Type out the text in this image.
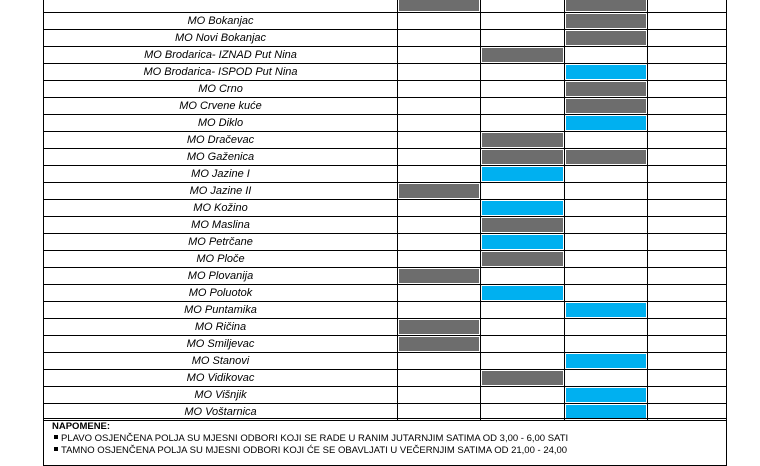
MO Bokanjac
MO Novi Bokanjac
MO Brodarica- IZNAD Put Nina
MO Brodarica- ISPOD Put Nina
MO Crno
MO Crvene kuće
MO Diklo
MO Dračevac
MO Gaženica
MO Jazine I
MO Jazine II
MO Kožino
MO Maslina
MO Petrčane
MO Ploče
MO Plovanija
MO Poluotok
MO Puntamika
MO Ričina
MO Smiljevac
MO Stanovi
MO Vidikovac
MO Višnjik
MO Voštarnica
NAPOMENE:
PLAVO OSJENČENA POLJA SU MJESNI ODBORI KOJI SE RADE U RANIM JUTARNJIM SATIMA OD 3,00 - 6,00 SATI
TAMNO OSJENČENA POLJA SU MJESNI ODBORI KOJI ĆE SE OBAVLJATI U VEČERNJIM SATIMA OD 21,00 - 24,00
